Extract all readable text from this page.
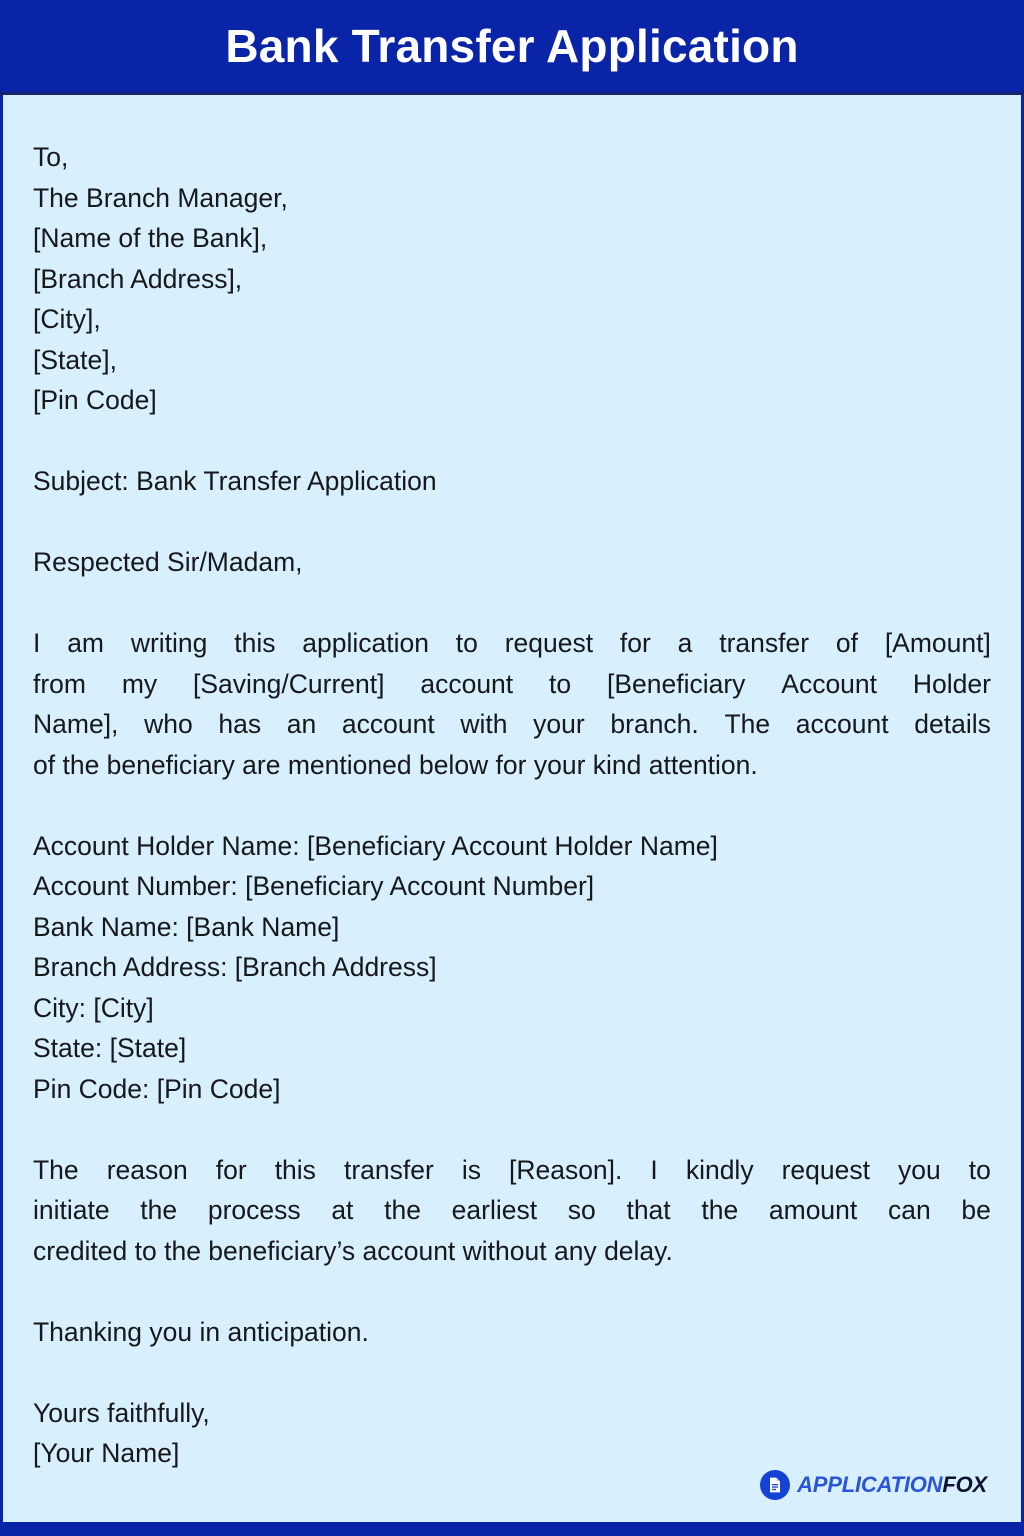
Bank Transfer Application
To,
The Branch Manager,
[Name of the Bank],
[Branch Address],
[City],
[State],
[Pin Code]
Subject: Bank Transfer Application
Respected Sir/Madam,
I am writing this application to request for a transfer of [Amount]
from my [Saving/Current] account to [Beneficiary Account Holder
Name], who has an account with your branch. The account details
of the beneficiary are mentioned below for your kind attention.
Account Holder Name: [Beneficiary Account Holder Name]
Account Number: [Beneficiary Account Number]
Bank Name: [Bank Name]
Branch Address: [Branch Address]
City: [City]
State: [State]
Pin Code: [Pin Code]
The reason for this transfer is [Reason]. I kindly request you to
initiate the process at the earliest so that the amount can be
credited to the beneficiary’s account without any delay.
Thanking you in anticipation.
Yours faithfully,
[Your Name]
APPLICATIONFOX
